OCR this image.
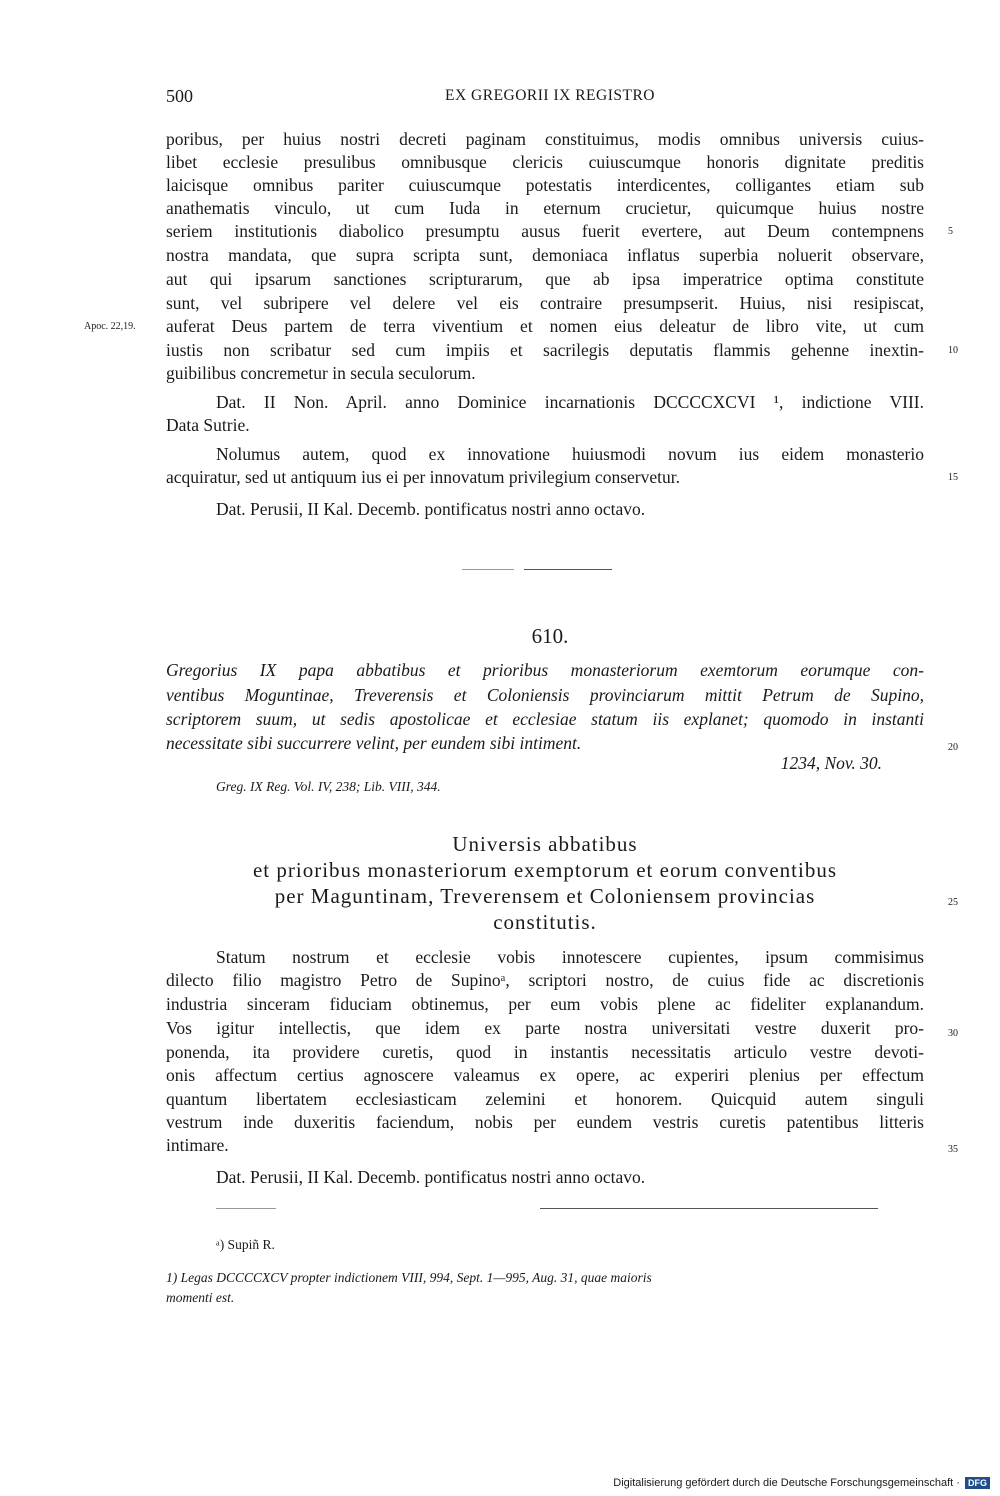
500	EX GREGORII IX REGISTRO
poribus, per huius nostri decreti paginam constituimus, modis omnibus universis cuius-
libet ecclesie presulibus omnibusque clericis cuiuscumque honoris dignitate preditis
laicisque omnibus pariter cuiuscumque potestatis interdicentes, colligantes etiam sub
anathematis vinculo, ut cum Iuda in eternum crucietur, quicumque huius nostre
seriem institutionis diabolico presumptu ausus fuerit evertere, aut Deum contempnens
nostra mandata, que supra scripta sunt, demoniaca inflatus superbia noluerit observare,
aut qui ipsarum sanctiones scripturarum, que ab ipsa imperatrice optima constitute
sunt, vel subripere vel delere vel eis contraire presumpserit. Huius, nisi resipiscat,
auferat Deus partem de terra viventium et nomen eius deleatur de libro vite, ut cum
iustis non scribatur sed cum impiis et sacrilegis deputatis flammis gehenne inextin-
guibilibus concremetur in secula seculorum.
Apoc. 22,19.
5
10
15
20
25
30
35
Dat. II Non. April. anno Dominice incarnationis DCCCCXCVI ¹, indictione VIII.
Data Sutrie.
Nolumus autem, quod ex innovatione huiusmodi novum ius eidem monasterio
acquiratur, sed ut antiquum ius ei per innovatum privilegium conservetur.
Dat. Perusii, II Kal. Decemb. pontificatus nostri anno octavo.
610.
Gregorius IX papa abbatibus et prioribus monasteriorum exemtorum eorumque con-
ventibus Moguntinae, Treverensis et Coloniensis provinciarum mittit Petrum de Supino,
scriptorem suum, ut sedis apostolicae et ecclesiae statum iis explanet; quomodo in instanti
necessitate sibi succurrere velint, per eundem sibi intiment.
1234, Nov. 30.
Greg. IX Reg. Vol. IV, 238; Lib. VIII, 344.
Universis abbatibus
et prioribus monasteriorum exemptorum et eorum conventibus
per Maguntinam, Treverensem et Coloniensem provincias
constitutis.
Statum nostrum et ecclesie vobis innotescere cupientes, ipsum commisimus
dilecto filio magistro Petro de Supinoᵃ, scriptori nostro, de cuius fide ac discretionis
industria sinceram fiduciam obtinemus, per eum vobis plene ac fideliter explanandum.
Vos igitur intellectis, que idem ex parte nostra universitati vestre duxerit pro-
ponenda, ita providere curetis, quod in instantis necessitatis articulo vestre devoti-
onis affectum certius agnoscere valeamus ex opere, ac experiri plenius per effectum
quantum libertatem ecclesiasticam zelemini et honorem. Quicquid autem singuli
vestrum inde duxeritis faciendum, nobis per eundem vestris curetis patentibus litteris
intimare.
Dat. Perusii, II Kal. Decemb. pontificatus nostri anno octavo.
ᵃ) Supiñ R.
1) Legas DCCCCXCV propter indictionem VIII, 994, Sept. 1—995, Aug. 31, quae maioris
momenti est.
Digitalisierung gefördert durch die Deutsche Forschungsgemeinschaft · DFG
